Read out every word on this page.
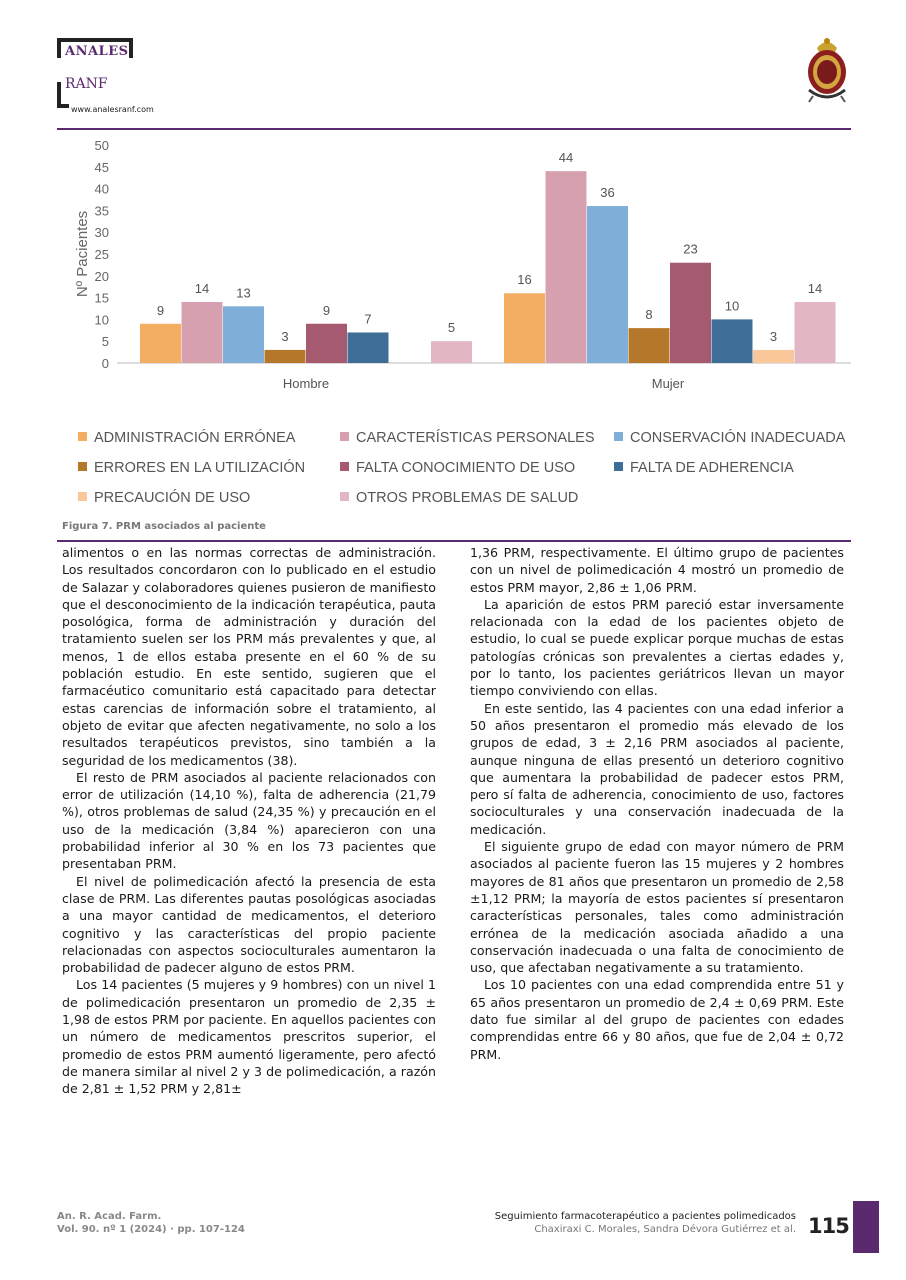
ANALES
RANF
www.analesranf.com
0
5
10
15
20
25
30
35
40
45
50
Nº Pacientes
9
14 13
3
9
7
5
Hombre
16
44
36
8
23
10
3
14
Mujer
ADMINISTRACIÓN ERRÓNEA	CARACTERÍSTICAS PERSONALES	CONSERVACIÓN INADECUADA
ERRORES EN LA UTILIZACIÓN	FALTA CONOCIMIENTO DE USO	FALTA DE ADHERENCIA
PRECAUCIÓN DE USO	OTROS PROBLEMAS DE SALUD
Figura 7. PRM asociados al paciente

alimentos o en las normas correctas de administración. Los resultados concordaron con lo publicado en el estudio de Salazar y colaboradores quienes pusieron de manifiesto que el desconocimiento de la indicación terapéutica, pauta posológica, forma de administración y duración del tratamiento suelen ser los PRM más prevalentes y que, al menos, 1 de ellos estaba presente en el 60 % de su población estudio. En este sentido, sugieren que el farmacéutico comunitario está capacitado para detectar estas carencias de información sobre el tratamiento, al objeto de evitar que afecten negativamente, no solo a los resultados terapéuticos previstos, sino también a la seguridad de los medicamentos (38).

El resto de PRM asociados al paciente relacionados con error de utilización (14,10 %), falta de adherencia (21,79 %), otros problemas de salud (24,35 %) y precaución en el uso de la medicación (3,84 %) aparecieron con una probabilidad inferior al 30 % en los 73 pacientes que presentaban PRM.

El nivel de polimedicación afectó la presencia de esta clase de PRM. Las diferentes pautas posológicas asociadas a una mayor cantidad de medicamentos, el deterioro cognitivo y las características del propio paciente relacionadas con aspectos socioculturales aumentaron la probabilidad de padecer alguno de estos PRM.

Los 14 pacientes (5 mujeres y 9 hombres) con un nivel 1 de polimedicación presentaron un promedio de 2,35 ± 1,98 de estos PRM por paciente. En aquellos pacientes con un número de medicamentos prescritos superior, el promedio de estos PRM aumentó ligeramente, pero afectó de manera similar al nivel 2 y 3 de polimedicación, a razón de 2,81 ± 1,52 PRM y 2,81±

1,36 PRM, respectivamente. El último grupo de pacientes con un nivel de polimedicación 4 mostró un promedio de estos PRM mayor, 2,86 ± 1,06 PRM.

La aparición de estos PRM pareció estar inversamente relacionada con la edad de los pacientes objeto de estudio, lo cual se puede explicar porque muchas de estas patologías crónicas son prevalentes a ciertas edades y, por lo tanto, los pacientes geriátricos llevan un mayor tiempo conviviendo con ellas.

En este sentido, las 4 pacientes con una edad inferior a 50 años presentaron el promedio más elevado de los grupos de edad, 3 ± 2,16 PRM asociados al paciente, aunque ninguna de ellas presentó un deterioro cognitivo que aumentara la probabilidad de padecer estos PRM, pero sí falta de adherencia, conocimiento de uso, factores socioculturales y una conservación inadecuada de la medicación.

El siguiente grupo de edad con mayor número de PRM asociados al paciente fueron las 15 mujeres y 2 hombres mayores de 81 años que presentaron un promedio de 2,58 ±1,12 PRM; la mayoría de estos pacientes sí presentaron características personales, tales como administración errónea de la medicación asociada añadido a una conservación inadecuada o una falta de conocimiento de uso, que afectaban negativamente a su tratamiento.

Los 10 pacientes con una edad comprendida entre 51 y 65 años presentaron un promedio de 2,4 ± 0,69 PRM. Este dato fue similar al del grupo de pacientes con edades comprendidas entre 66 y 80 años, que fue de 2,04 ± 0,72 PRM.

An. R. Acad. Farm.
Vol. 90. nº 1 (2024) · pp. 107-124
Seguimiento farmacoterapéutico a pacientes polimedicados
Chaxiraxi C. Morales, Sandra Dévora Gutiérrez et al. 115
